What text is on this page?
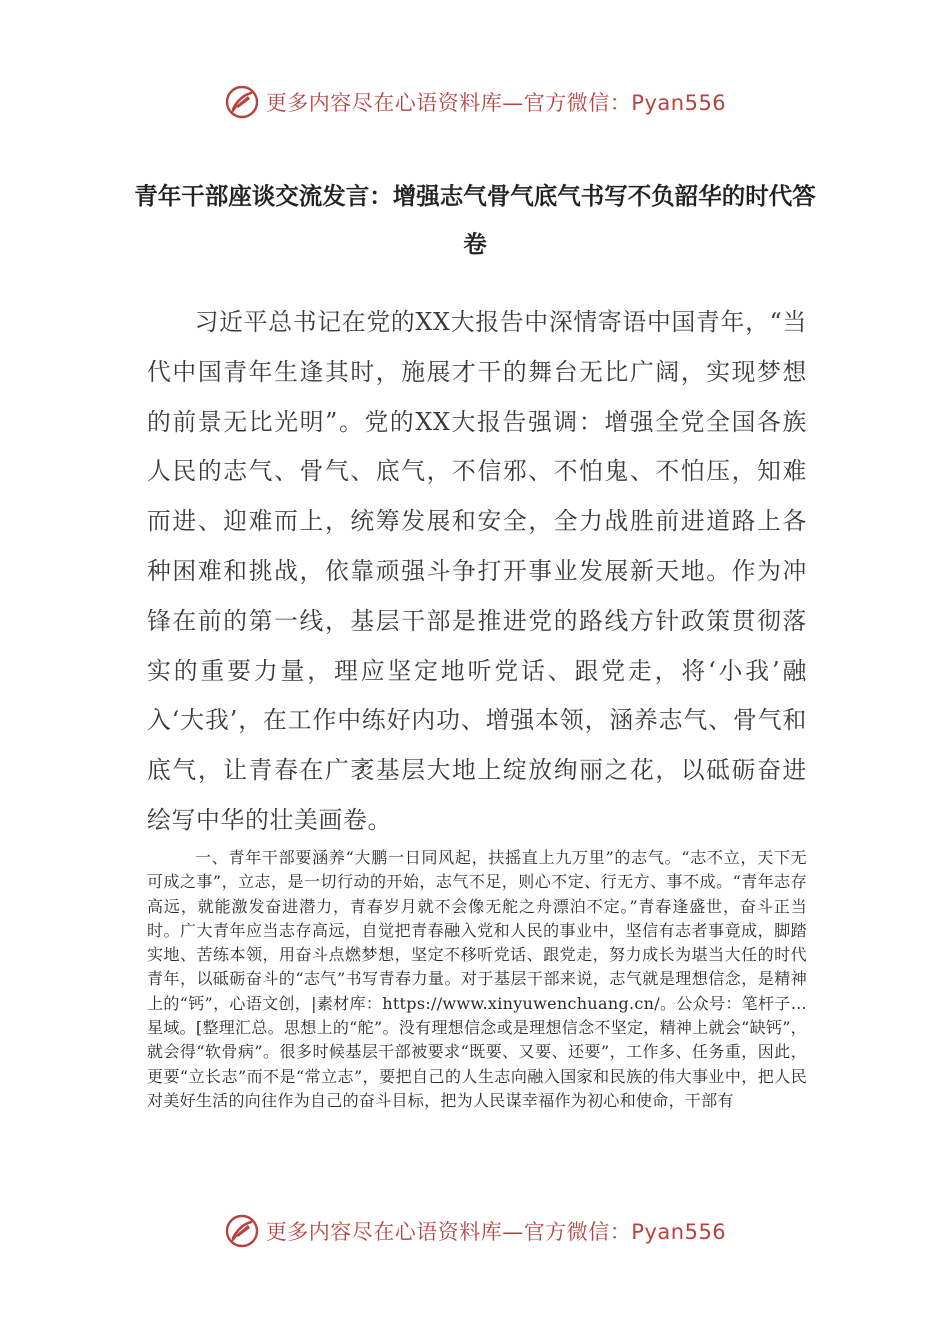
更多内容尽在心语资料库—官方微信：Pyan556
青年干部座谈交流发言：增强志气骨气底气书写不负韶华的时代答卷

习近平总书记在党的XX大报告中深情寄语中国青年，“当代中国青年生逢其时，施展才干的舞台无比广阔，实现梦想的前景无比光明”。党的XX大报告强调：增强全党全国各族人民的志气、骨气、底气，不信邪、不怕鬼、不怕压，知难而进、迎难而上，统筹发展和安全，全力战胜前进道路上各种困难和挑战，依靠顽强斗争打开事业发展新天地。作为冲锋在前的第一线，基层干部是推进党的路线方针政策贯彻落实的重要力量，理应坚定地听党话、跟党走，将‘小我’融入‘大我’，在工作中练好内功、增强本领，涵养志气、骨气和底气，让青春在广袤基层大地上绽放绚丽之花，以砥砺奋进绘写中华的壮美画卷。

一、青年干部要涵养“大鹏一日同风起，扶摇直上九万里”的志气。“志不立，天下无可成之事”，立志，是一切行动的开始，志气不足，则心不定、行无方、事不成。“青年志存高远，就能激发奋进潜力，青春岁月就不会像无舵之舟漂泊不定。”青春逢盛世，奋斗正当时。广大青年应当志存高远，自觉把青春融入党和人民的事业中，坚信有志者事竟成，脚踏实地、苦练本领，用奋斗点燃梦想，坚定不移听党话、跟党走，努力成长为堪当大任的时代青年，以砥砺奋斗的“志气”书写青春力量。对于基层干部来说，志气就是理想信念，是精神上的“钙”，心语文创，|素材库：https://www.xinyuwenchuang.cn/。公众号：笔杆子…星域。[整理汇总。思想上的“舵”。没有理想信念或是理想信念不坚定，精神上就会“缺钙”，就会得“软骨病”。很多时候基层干部被要求“既要、又要、还要”，工作多、任务重，因此，更要“立长志”而不是“常立志”，要把自己的人生志向融入国家和民族的伟大事业中，把人民对美好生活的向往作为自己的奋斗目标，把为人民谋幸福作为初心和使命，干部有

更多内容尽在心语资料库—官方微信：Pyan556
